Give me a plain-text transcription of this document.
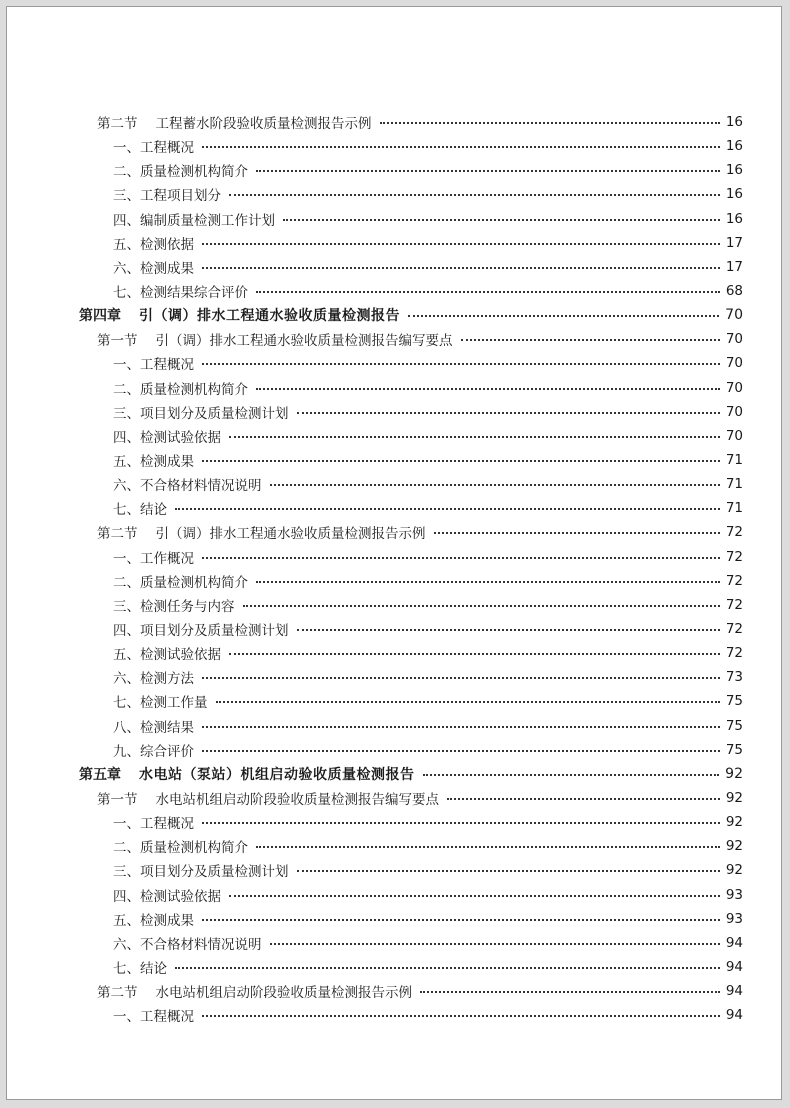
第二节 工程蓄水阶段验收质量检测报告示例	16
一、工程概况	16
二、质量检测机构简介	16
三、工程项目划分	16
四、编制质量检测工作计划	16
五、检测依据	17
六、检测成果	17
七、检测结果综合评价	68
第四章 引（调）排水工程通水验收质量检测报告	70
第一节 引（调）排水工程通水验收质量检测报告编写要点	70
一、工程概况	70
二、质量检测机构简介	70
三、项目划分及质量检测计划	70
四、检测试验依据	70
五、检测成果	71
六、不合格材料情况说明	71
七、结论	71
第二节 引（调）排水工程通水验收质量检测报告示例	72
一、工作概况	72
二、质量检测机构简介	72
三、检测任务与内容	72
四、项目划分及质量检测计划	72
五、检测试验依据	72
六、检测方法	73
七、检测工作量	75
八、检测结果	75
九、综合评价	75
第五章 水电站（泵站）机组启动验收质量检测报告	92
第一节 水电站机组启动阶段验收质量检测报告编写要点	92
一、工程概况	92
二、质量检测机构简介	92
三、项目划分及质量检测计划	92
四、检测试验依据	93
五、检测成果	93
六、不合格材料情况说明	94
七、结论	94
第二节 水电站机组启动阶段验收质量检测报告示例	94
一、工程概况	94
